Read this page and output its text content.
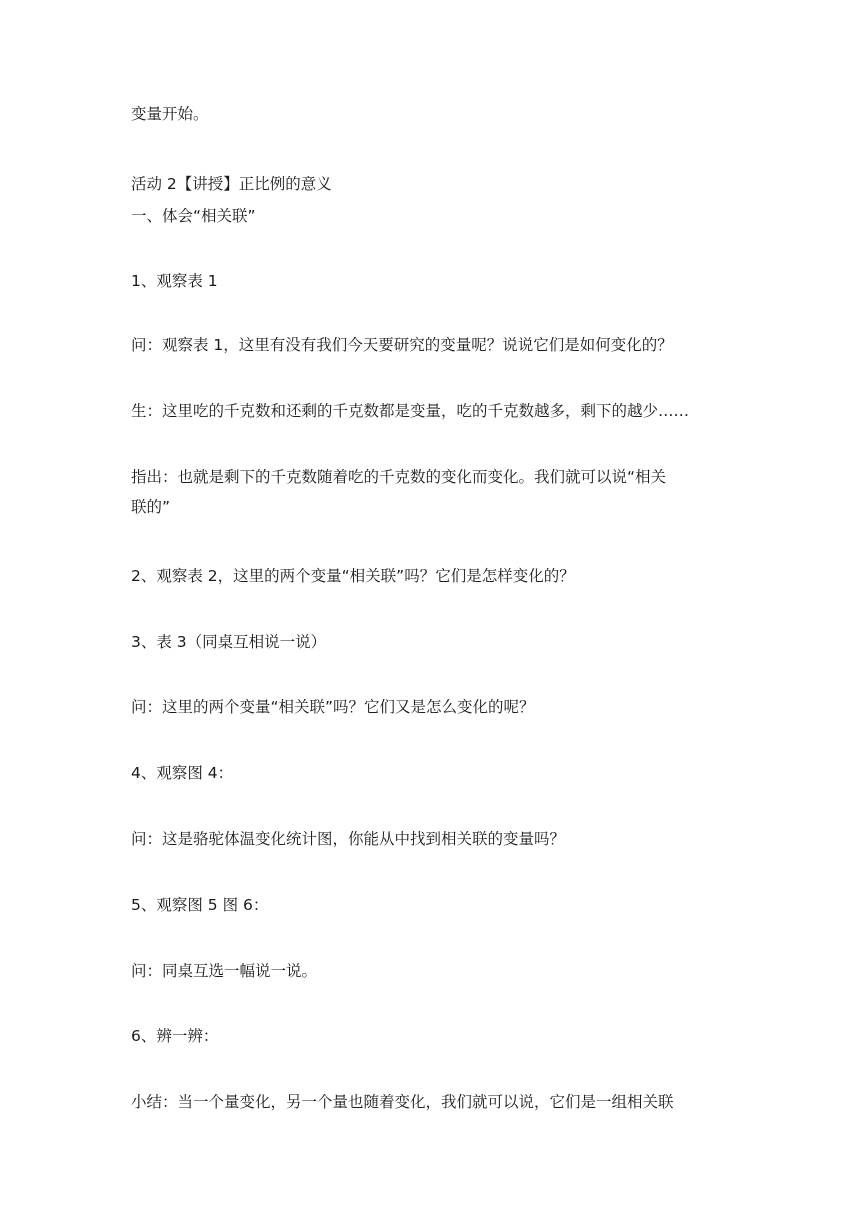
变量开始。

活动 2【讲授】正比例的意义

一、体会“相关联”

1、观察表 1

问：观察表 1，这里有没有我们今天要研究的变量呢？说说它们是如何变化的？

生：这里吃的千克数和还剩的千克数都是变量，吃的千克数越多，剩下的越少……

指出：也就是剩下的千克数随着吃的千克数的变化而变化。我们就可以说“相关

联的”

2、观察表 2，这里的两个变量“相关联”吗？它们是怎样变化的？

3、表 3（同桌互相说一说）

问：这里的两个变量“相关联”吗？它们又是怎么变化的呢？

4、观察图 4：

问：这是骆驼体温变化统计图，你能从中找到相关联的变量吗？

5、观察图 5 图 6：

问：同桌互选一幅说一说。

6、辨一辨：

小结：当一个量变化，另一个量也随着变化，我们就可以说，它们是一组相关联
